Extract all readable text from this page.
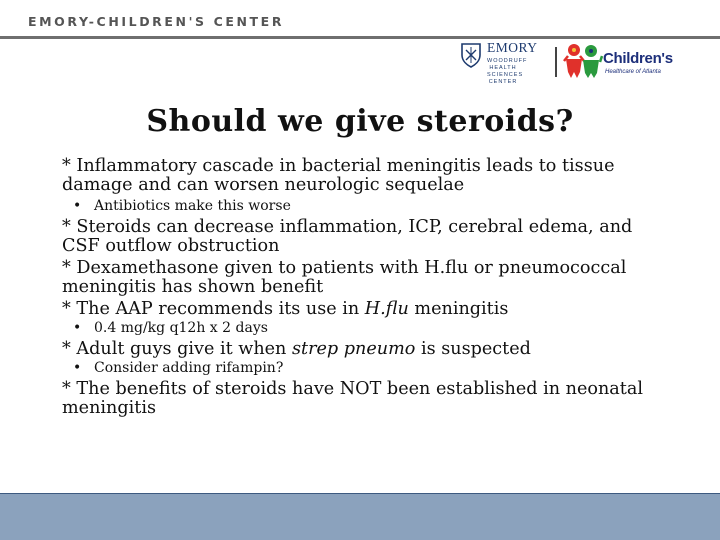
EMORY-CHILDREN'S CENTER
EMORY
WOODRUFF HEALTH SCIENCES CENTER
Children's
Healthcare of Atlanta
Should we give steroids?
* Inflammatory cascade in bacterial meningitis leads to tissue damage and can worsen neurologic sequelae
• Antibiotics make this worse
* Steroids can decrease inflammation, ICP, cerebral edema, and CSF outflow obstruction
* Dexamethasone given to patients with H.flu or pneumococcal meningitis has shown benefit
* The AAP recommends its use in H.flu meningitis
• 0.4 mg/kg q12h x 2 days
* Adult guys give it when strep pneumo is suspected
• Consider adding rifampin?
* The benefits of steroids have NOT been established in neonatal meningitis
